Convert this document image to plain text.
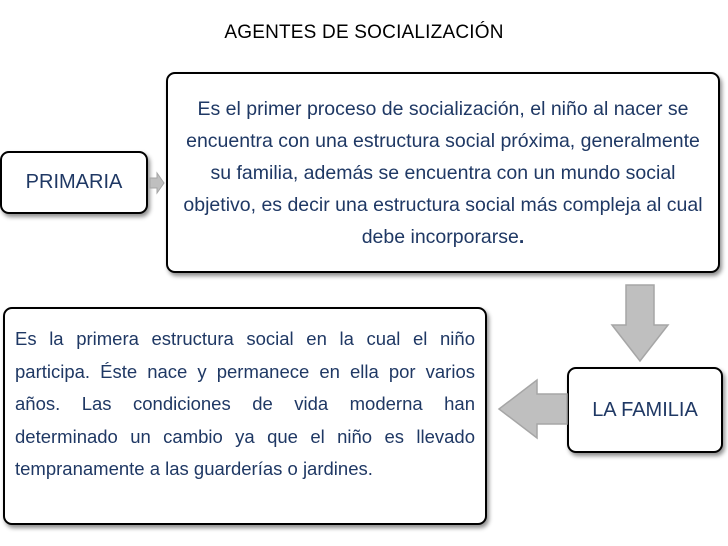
AGENTES DE SOCIALIZACIÓN
PRIMARIA
Es el primer proceso de socialización, el niño al nacer se encuentra con una estructura social próxima, generalmente su familia, además se encuentra con un mundo social objetivo, es decir una estructura social más compleja al cual debe incorporarse.
LA FAMILIA
Es la primera estructura social en la cual el niño participa. Éste nace y permanece en ella por varios años. Las condiciones de vida moderna han determinado un cambio ya que el niño es llevado tempranamente a las guarderías o jardines.
